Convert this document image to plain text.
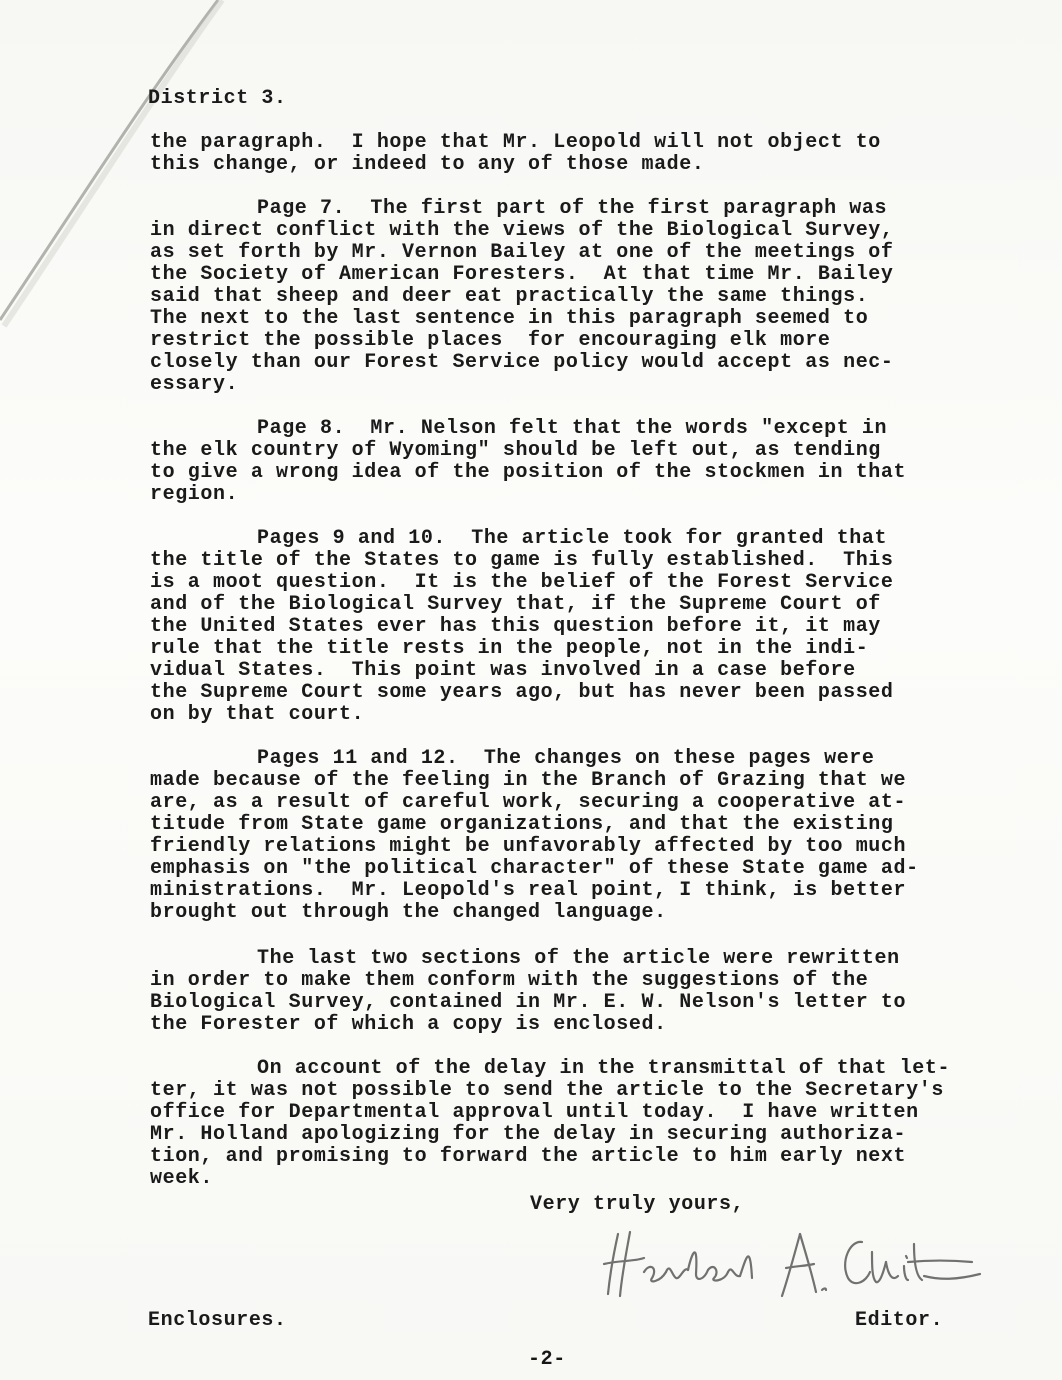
District 3.
the paragraph.  I hope that Mr. Leopold will not object to
this change, or indeed to any of those made.
Page 7.  The first part of the first paragraph was
in direct conflict with the views of the Biological Survey,
as set forth by Mr. Vernon Bailey at one of the meetings of
the Society of American Foresters.  At that time Mr. Bailey
said that sheep and deer eat practically the same things.
The next to the last sentence in this paragraph seemed to
restrict the possible places  for encouraging elk more
closely than our Forest Service policy would accept as nec-
essary.
Page 8.  Mr. Nelson felt that the words "except in
the elk country of Wyoming" should be left out, as tending
to give a wrong idea of the position of the stockmen in that
region.
Pages 9 and 10.  The article took for granted that
the title of the States to game is fully established.  This
is a moot question.  It is the belief of the Forest Service
and of the Biological Survey that, if the Supreme Court of
the United States ever has this question before it, it may
rule that the title rests in the people, not in the indi-
vidual States.  This point was involved in a case before
the Supreme Court some years ago, but has never been passed
on by that court.
Pages 11 and 12.  The changes on these pages were
made because of the feeling in the Branch of Grazing that we
are, as a result of careful work, securing a cooperative at-
titude from State game organizations, and that the existing
friendly relations might be unfavorably affected by too much
emphasis on "the political character" of these State game ad-
ministrations.  Mr. Leopold's real point, I think, is better
brought out through the changed language.
The last two sections of the article were rewritten
in order to make them conform with the suggestions of the
Biological Survey, contained in Mr. E. W. Nelson's letter to
the Forester of which a copy is enclosed.
On account of the delay in the transmittal of that let-
ter, it was not possible to send the article to the Secretary's
office for Departmental approval until today.  I have written
Mr. Holland apologizing for the delay in securing authoriza-
tion, and promising to forward the article to him early next
week.
Very truly yours,
Enclosures.	Editor.
-2-
